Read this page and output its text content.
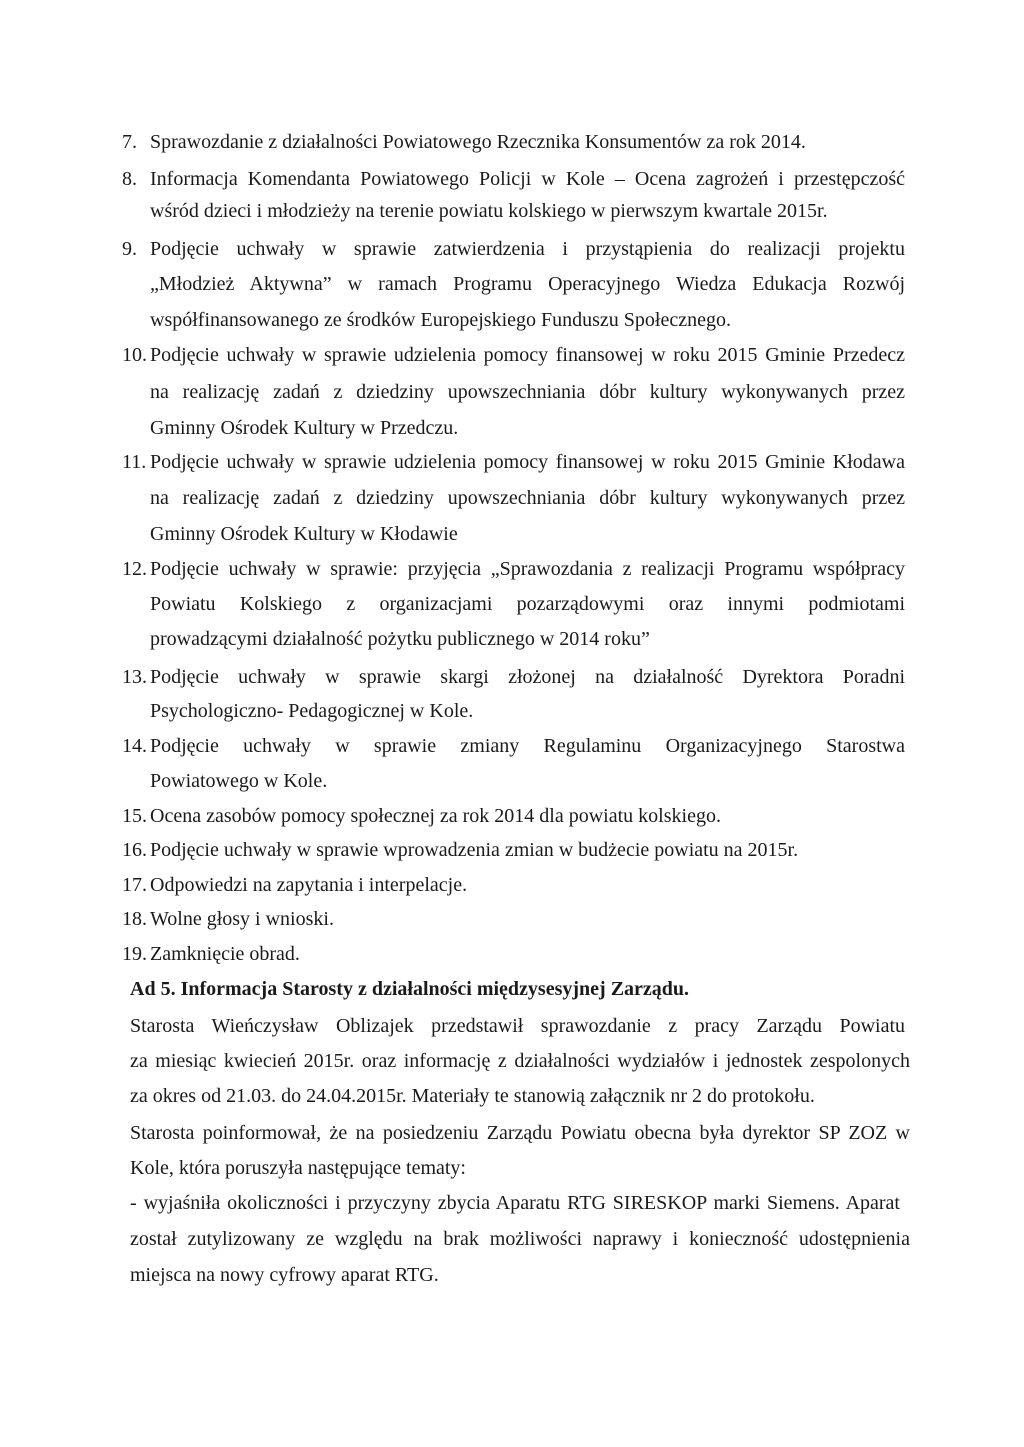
7. Sprawozdanie z działalności Powiatowego Rzecznika Konsumentów za rok 2014.
8. Informacja Komendanta Powiatowego Policji w Kole – Ocena zagrożeń i przestępczość
wśród dzieci i młodzieży na terenie powiatu kolskiego w pierwszym kwartale 2015r.
9. Podjęcie uchwały w sprawie zatwierdzenia i przystąpienia do realizacji projektu
„Młodzież Aktywna” w ramach Programu Operacyjnego Wiedza Edukacja Rozwój
współfinansowanego ze środków Europejskiego Funduszu Społecznego.
10. Podjęcie uchwały w sprawie udzielenia pomocy finansowej w roku 2015 Gminie Przedecz
na realizację zadań z dziedziny upowszechniania dóbr kultury wykonywanych przez
Gminny Ośrodek Kultury w Przedczu.
11. Podjęcie uchwały w sprawie udzielenia pomocy finansowej w roku 2015 Gminie Kłodawa
na realizację zadań z dziedziny upowszechniania dóbr kultury wykonywanych przez
Gminny Ośrodek Kultury w Kłodawie
12. Podjęcie uchwały w sprawie: przyjęcia „Sprawozdania z realizacji Programu współpracy
Powiatu Kolskiego z organizacjami pozarządowymi oraz innymi podmiotami
prowadzącymi działalność pożytku publicznego w 2014 roku”
13. Podjęcie uchwały w sprawie skargi złożonej na działalność Dyrektora Poradni
Psychologiczno- Pedagogicznej w Kole.
14. Podjęcie uchwały w sprawie zmiany Regulaminu Organizacyjnego Starostwa
Powiatowego w Kole.
15. Ocena zasobów pomocy społecznej za rok 2014 dla powiatu kolskiego.
16. Podjęcie uchwały w sprawie wprowadzenia zmian w budżecie powiatu na 2015r.
17. Odpowiedzi na zapytania i interpelacje.
18. Wolne głosy i wnioski.
19. Zamknięcie obrad.
Ad 5. Informacja Starosty z działalności międzysesyjnej Zarządu.
Starosta Wieńczysław Oblizajek przedstawił sprawozdanie z pracy Zarządu Powiatu
za miesiąc kwiecień 2015r. oraz informację z działalności wydziałów i jednostek zespolonych
za okres od 21.03. do 24.04.2015r. Materiały te stanowią załącznik nr 2 do protokołu.
Starosta poinformował, że na posiedzeniu Zarządu Powiatu obecna była dyrektor SP ZOZ w
Kole, która poruszyła następujące tematy:
- wyjaśniła okoliczności i przyczyny zbycia Aparatu RTG SIRESKOP marki Siemens. Aparat
został zutylizowany ze względu na brak możliwości naprawy i konieczność udostępnienia
miejsca na nowy cyfrowy aparat RTG.
